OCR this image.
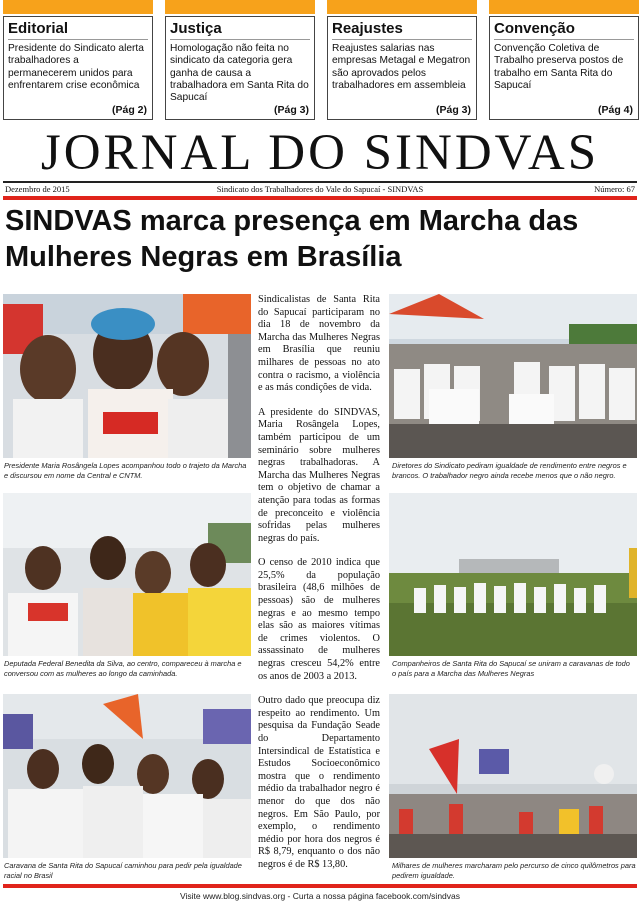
Editorial
Presidente do Sindicato alerta trabalhadores a permanecerem unidos para enfrentarem crise econômica
(Pág 2)
Justiça
Homologação não feita no sindicato da categoria gera ganha de causa a trabalhadora em Santa Rita do Sapucaí
(Pág 3)
Reajustes
Reajustes salarias nas empresas Metagal e Megatron são aprovados pelos trabalhadores em assembleia
(Pág 3)
Convenção
Convenção Coletiva de Trabalho preserva postos de trabalho em Santa Rita do Sapucaí
(Pág 4)
JORNAL DO SINDVAS
Dezembro de 2015	Sindicato dos Trabalhadores do Vale do Sapucaí - SINDVAS	Número: 67
SINDVAS marca presença em Marcha das Mulheres Negras em Brasília
Presidente Maria Rosângela Lopes acompanhou todo o trajeto da Marcha e discursou em nome da Central e CNTM.
Diretores do Sindicato pediram igualdade de rendimento entre negros e brancos. O trabalhador negro ainda recebe menos que o não negro.
Deputada Federal Benedita da Silva, ao centro, compareceu à marcha e conversou com as mulheres ao longo da caminhada.
Companheiros de Santa Rita do Sapucaí se uniram a caravanas de todo o país para a Marcha das Mulheres Negras
Caravana de Santa Rita do Sapucaí caminhou para pedir pela igualdade racial no Brasil
Milhares de mulheres marcharam pelo percurso de cinco quilômetros para pedirem igualdade.

Sindicalistas de Santa Rita do Sapucaí participaram no dia 18 de novembro da Marcha das Mulheres Negras em Brasília que reuniu milhares de pessoas no ato contra o racismo, a violência e as más condições de vida.

A presidente do SINDVAS, Maria Rosângela Lopes, também participou de um seminário sobre mulheres negras trabalhadoras. A Marcha das Mulheres Negras tem o objetivo de chamar a atenção para todas as formas de preconceito e violência sofridas pelas mulheres negras do país.

O censo de 2010 indica que 25,5% da população brasileira (48,6 milhões de pessoas) são de mulheres negras e ao mesmo tempo elas são as maiores vítimas de crimes violentos. O assassinato de mulheres negras cresceu 54,2% entre os anos de 2003 a 2013.

Outro dado que preocupa diz respeito ao rendimento. Um pesquisa da Fundação Seade do Departamento Intersindical de Estatística e Estudos Socioeconômico mostra que o rendimento médio da trabalhador negro é menor do que dos não negros. Em São Paulo, por exemplo, o rendimento médio por hora dos negros é R$ 8,79, enquanto o dos não negros é de R$ 13,80.

Visite www.blog.sindvas.org - Curta a nossa página facebook.com/sindvas
